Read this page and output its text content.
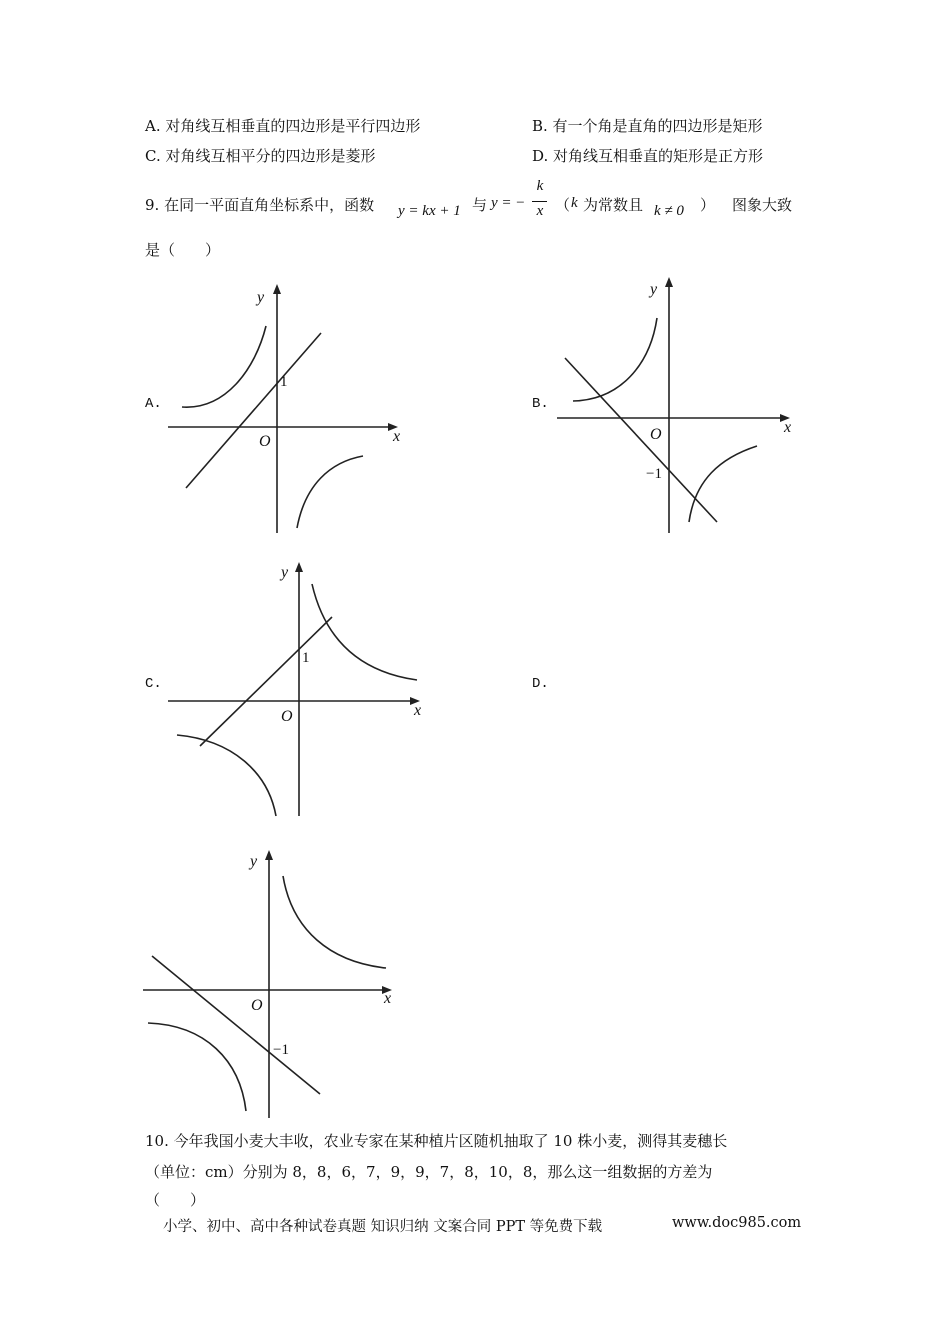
A. 对角线互相垂直的四边形是平行四边形	B. 有一个角是直角的四边形是矩形
C. 对角线互相平分的四边形是菱形	D. 对角线互相垂直的矩形是正方形
9. 在同一平面直角坐标系中，函数 y = kx + 1 与 y = −
k
x （ k 为常数且 k ≠ 0 ） 图象大致
是（　　）
A.	B.
C.	D.
y
x
O
1
y
x
O
−1
y
x
O
1
y
x
O
−1
10. 今年我国小麦大丰收，农业专家在某种植片区随机抽取了 10 株小麦，测得其麦穗长
（单位：cm）分别为 8，8，6，7，9，9，7，8，10，8，那么这一组数据的方差为
（　　）
小学、初中、高中各种试卷真题 知识归纳 文案合同 PPT 等免费下载	www.doc985.com
